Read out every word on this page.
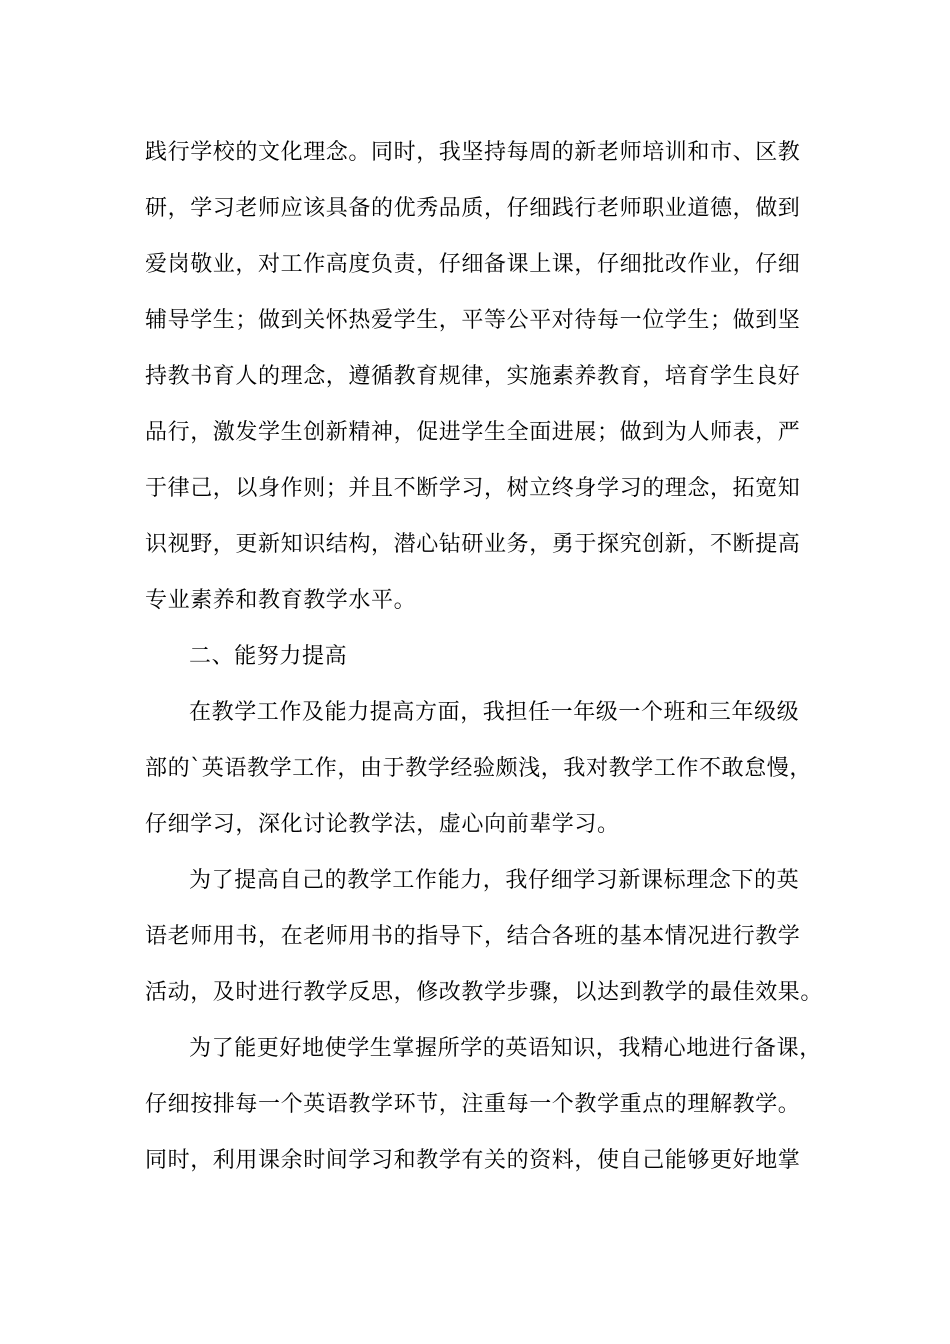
践行学校的文化理念。同时，我坚持每周的新老师培训和市、区教
研，学习老师应该具备的优秀品质，仔细践行老师职业道德，做到
爱岗敬业，对工作高度负责，仔细备课上课，仔细批改作业，仔细
辅导学生；做到关怀热爱学生，平等公平对待每一位学生；做到坚
持教书育人的理念，遵循教育规律，实施素养教育，培育学生良好
品行，激发学生创新精神，促进学生全面进展；做到为人师表，严
于律己，以身作则；并且不断学习，树立终身学习的理念，拓宽知
识视野，更新知识结构，潜心钻研业务，勇于探究创新，不断提高
专业素养和教育教学水平。
二、能努力提高
在教学工作及能力提高方面，我担任一年级一个班和三年级级
部的`英语教学工作，由于教学经验颇浅，我对教学工作不敢怠慢，
仔细学习，深化讨论教学法，虚心向前辈学习。
为了提高自己的教学工作能力，我仔细学习新课标理念下的英
语老师用书，在老师用书的指导下，结合各班的基本情况进行教学
活动，及时进行教学反思，修改教学步骤，以达到教学的最佳效果。
为了能更好地使学生掌握所学的英语知识，我精心地进行备课，
仔细按排每一个英语教学环节，注重每一个教学重点的理解教学。
同时，利用课余时间学习和教学有关的资料，使自己能够更好地掌
